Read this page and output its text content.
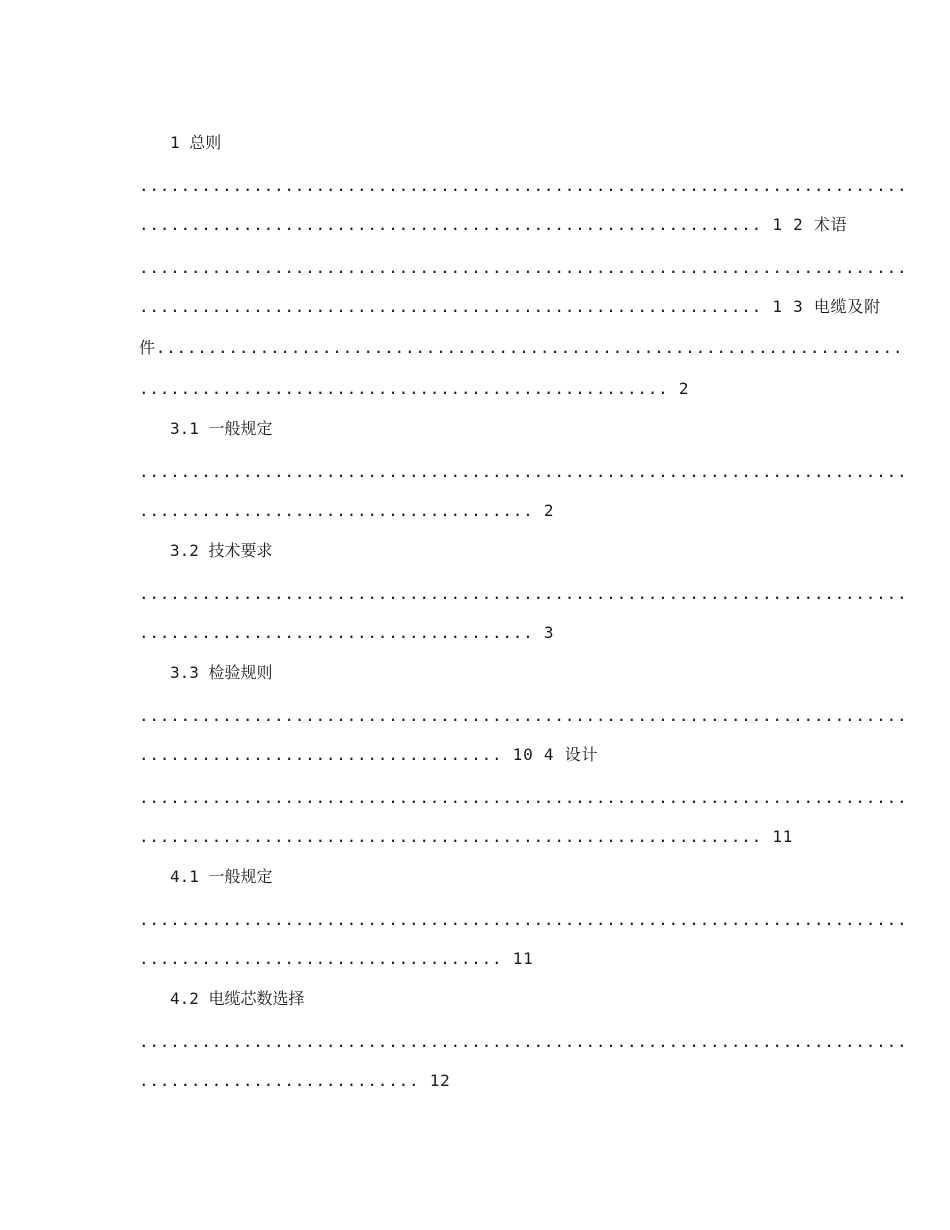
1 总则
..........................................................................
............................................................ 1 2 术语
..........................................................................
............................................................ 1 3 电缆及附
件........................................................................
................................................... 2
3.1 一般规定
..........................................................................
...................................... 2
3.2 技术要求
..........................................................................
...................................... 3
3.3 检验规则
..........................................................................
................................... 10 4 设计
..........................................................................
............................................................ 11
4.1 一般规定
..........................................................................
................................... 11
4.2 电缆芯数选择
..........................................................................
........................... 12
